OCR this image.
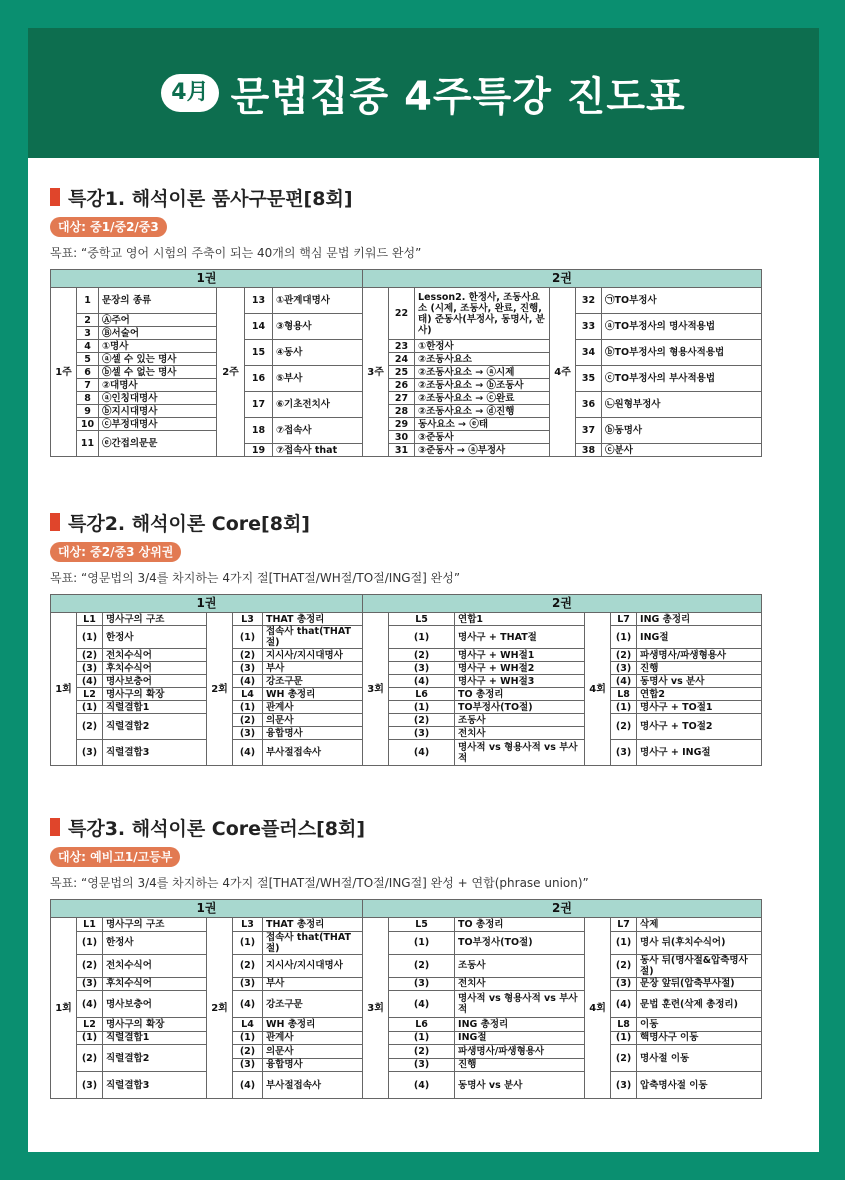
4月 문법집중 4주특강 진도표
특강1. 해석이론 품사구문편[8회]
대상: 중1/중2/중3
목표: “중학교 영어 시험의 주축이 되는 40개의 핵심 문법 키워드 완성”
1권						2권					
1주	1	문장의 종류	2주	13	①관계대명사	3주	22	Lesson2. 한정사, 조동사요소 (시제, 조동사, 완료, 진행, 태) 준동사(부정사, 동명사, 분사)	4주	32	㉠TO부정사

	2	Ⓐ주어		14	③형용사					33	ⓐTO부정사의 명사적용법
	3	Ⓑ서술어									
	4	①명사		15	④동사		23	①한정사		34	ⓑTO부정사의 형용사적용법
	5	ⓐ셀 수 있는 명사					24	②조동사요소			
	6	ⓑ셀 수 없는 명사		16	⑤부사		25	②조동사요소 → ⓐ시제		35	ⓒTO부정사의 부사적용법
	7	②대명사					26	②조동사요소 → ⓑ조동사			
	8	ⓐ인칭대명사		17	⑥기초전치사		27	②조동사요소 → ⓒ완료		36	㉡원형부정사
	9	ⓑ지시대명사					28	②조동사요소 → ⓓ진행			
	10	ⓒ부정대명사		18	⑦접속사		29	동사요소 → ⓔ태		37	ⓑ동명사
	11	ⓔ간접의문문					30	③준동사			
				19	⑦접속사 that		31	③준동사 → ⓐ부정사		38	ⓒ분사
특강2. 해석이론 Core[8회]
대상: 중2/중3 상위권
목표: “영문법의 3/4를 차지하는 4가지 절[THAT절/WH절/TO절/ING절] 완성”
1권						2권					
1회	L1	명사구의 구조	2회	L3	THAT 총정리	3회	L5	연합1	4회	L7	ING 총정리
	(1)	한정사		(1)	접속사 that(THAT절)		(1)	명사구 + THAT절		(1)	ING절
	(2)	전치수식어		(2)	지시사/지시대명사		(2)	명사구 + WH절1		(2)	파생명사/파생형용사
	(3)	후치수식어		(3)	부사		(3)	명사구 + WH절2		(3)	진행
	(4)	명사보충어		(4)	강조구문		(4)	명사구 + WH절3		(4)	동명사 vs 분사
	L2	명사구의 확장		L4	WH 총정리		L6	TO 총정리		L8	연합2
	(1)	직렬결합1		(1)	관계사		(1)	TO부정사(TO절)		(1)	명사구 + TO절1
	(2)	직렬결합2		(2)	의문사		(2)	조동사		(2)	명사구 + TO절2
				(3)	융합명사		(3)	전치사			
	(3)	직렬결합3		(4)	부사절접속사		(4)	명사적 vs 형용사적 vs 부사적		(3)	명사구 + ING절

특강3. 해석이론 Core플러스[8회]
대상: 예비고1/고등부
목표: “영문법의 3/4를 차지하는 4가지 절[THAT절/WH절/TO절/ING절] 완성 + 연합(phrase union)”
1권						2권					
1회	L1	명사구의 구조	2회	L3	THAT 총정리	3회	L5	TO 총정리	4회	L7	삭제
	(1)	한정사		(1)	접속사 that(THAT절)		(1)	TO부정사(TO절)		(1)	명사 뒤(후치수식어)
	(2)	전치수식어		(2)	지시사/지시대명사		(2)	조동사		(2)	동사 뒤(명사절&압축명사절)
	(3)	후치수식어		(3)	부사		(3)	전치사		(3)	문장 앞뒤(압축부사절)
	(4)	명사보충어		(4)	강조구문		(4)	명사적 vs 형용사적 vs 부사적		(4)	문법 훈련(삭제 총정리)

	L2	명사구의 확장		L4	WH 총정리		L6	ING 총정리		L8	이동
	(1)	직렬결합1		(1)	관계사		(1)	ING절		(1)	핵명사구 이동
	(2)	직렬결합2		(2)	의문사		(2)	파생명사/파생형용사		(2)	명사절 이동
				(3)	융합명사		(3)	진행			
	(3)	직렬결합3		(4)	부사절접속사		(4)	동명사 vs 분사		(3)	압축명사절 이동
